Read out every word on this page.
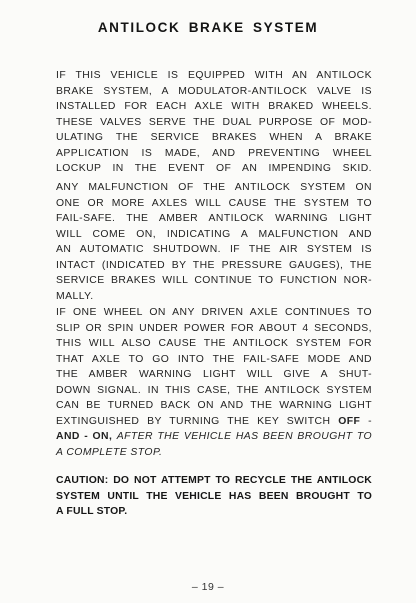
ANTILOCK BRAKE SYSTEM
IF THIS VEHICLE IS EQUIPPED WITH AN ANTILOCK
BRAKE SYSTEM, A MODULATOR-ANTILOCK VALVE IS
INSTALLED FOR EACH AXLE WITH BRAKED WHEELS.
THESE VALVES SERVE THE DUAL PURPOSE OF MOD-
ULATING THE SERVICE BRAKES WHEN A BRAKE
APPLICATION IS MADE, AND PREVENTING WHEEL
LOCKUP IN THE EVENT OF AN IMPENDING SKID.
ANY MALFUNCTION OF THE ANTILOCK SYSTEM ON
ONE OR MORE AXLES WILL CAUSE THE SYSTEM TO
FAIL-SAFE. THE AMBER ANTILOCK WARNING LIGHT
WILL COME ON, INDICATING A MALFUNCTION AND
AN AUTOMATIC SHUTDOWN. IF THE AIR SYSTEM IS
INTACT (INDICATED BY THE PRESSURE GAUGES), THE
SERVICE BRAKES WILL CONTINUE TO FUNCTION NOR-
MALLY.
IF ONE WHEEL ON ANY DRIVEN AXLE CONTINUES TO
SLIP OR SPIN UNDER POWER FOR ABOUT 4 SECONDS,
THIS WILL ALSO CAUSE THE ANTILOCK SYSTEM FOR
THAT AXLE TO GO INTO THE FAIL-SAFE MODE AND
THE AMBER WARNING LIGHT WILL GIVE A SHUT-
DOWN SIGNAL. IN THIS CASE, THE ANTILOCK SYSTEM
CAN BE TURNED BACK ON AND THE WARNING LIGHT
EXTINGUISHED BY TURNING THE KEY SWITCH OFF -
AND - ON, AFTER THE VEHICLE HAS BEEN BROUGHT TO
A COMPLETE STOP.
CAUTION: DO NOT ATTEMPT TO RECYCLE THE ANTILOCK
SYSTEM UNTIL THE VEHICLE HAS BEEN BROUGHT TO
A FULL STOP.
– 19 –
